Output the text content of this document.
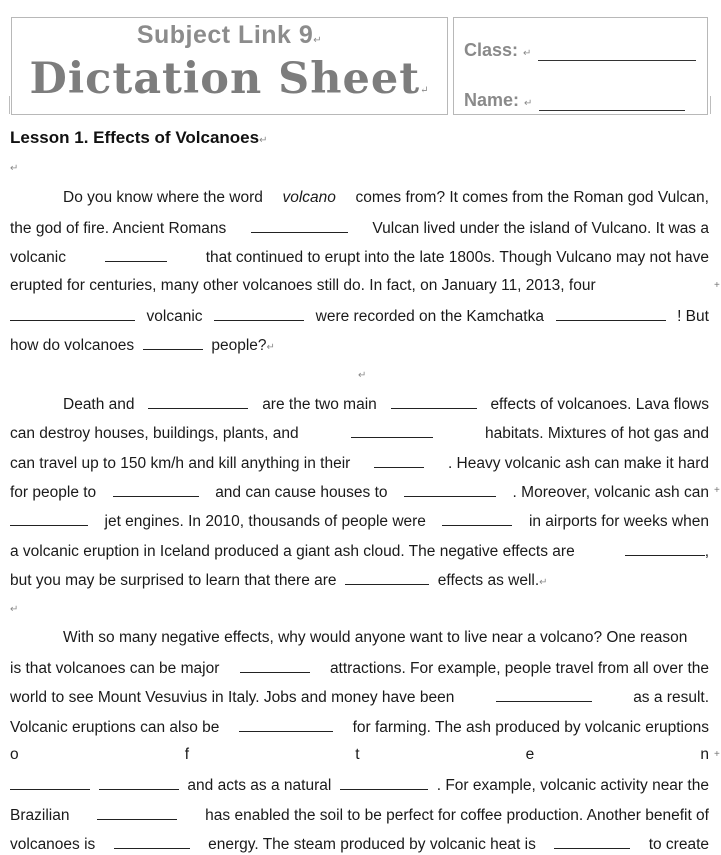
Subject Link 9↵
Dictation Sheet↵
Class: ↵
Name: ↵
Lesson 1. Effects of Volcanoes↵
↵
Do you know where the word volcano comes from? It comes from the Roman god Vulcan,
the god of fire. Ancient Romans	Vulcan lived under the island of Vulcano. It was a
volcanic	that continued to erupt into the late 1800s. Though Vulcano may not have
erupted for centuries, many other volcanoes still do. In fact, on January 11, 2013, four	+
volcanic	were recorded on the Kamchatka	! But
how do volcanoes

	people? ↵
↵
Death and	are the two main	effects of volcanoes. Lava flows
can destroy houses, buildings, plants, and	habitats. Mixtures of hot gas and
can travel up to 150 km/h and kill anything in their	. Heavy volcanic ash can make it hard
for people to	and can cause houses to	. Moreover, volcanic ash can +
jet engines. In 2010, thousands of people were	in airports for weeks when
a volcanic eruption in Iceland produced a giant ash cloud. The negative effects are	,
but you may be surprised to learn that there are

	effects as well. ↵
↵
With so many negative effects, why would anyone want to live near a volcano? One reason
is that volcanoes can be major	attractions. For example, people travel from all over the
world to see Mount Vesuvius in Italy. Jobs and money have been	as a result.
Volcanic eruptions can also be	for farming. The ash produced by volcanic eruptions
o	f	t	e	n +
and acts as a natural	. For example, volcanic activity near the
Brazilian	has enabled the soil to be perfect for coffee production. Another benefit of
volcanoes is	energy. The steam produced by volcanic heat is	to create
